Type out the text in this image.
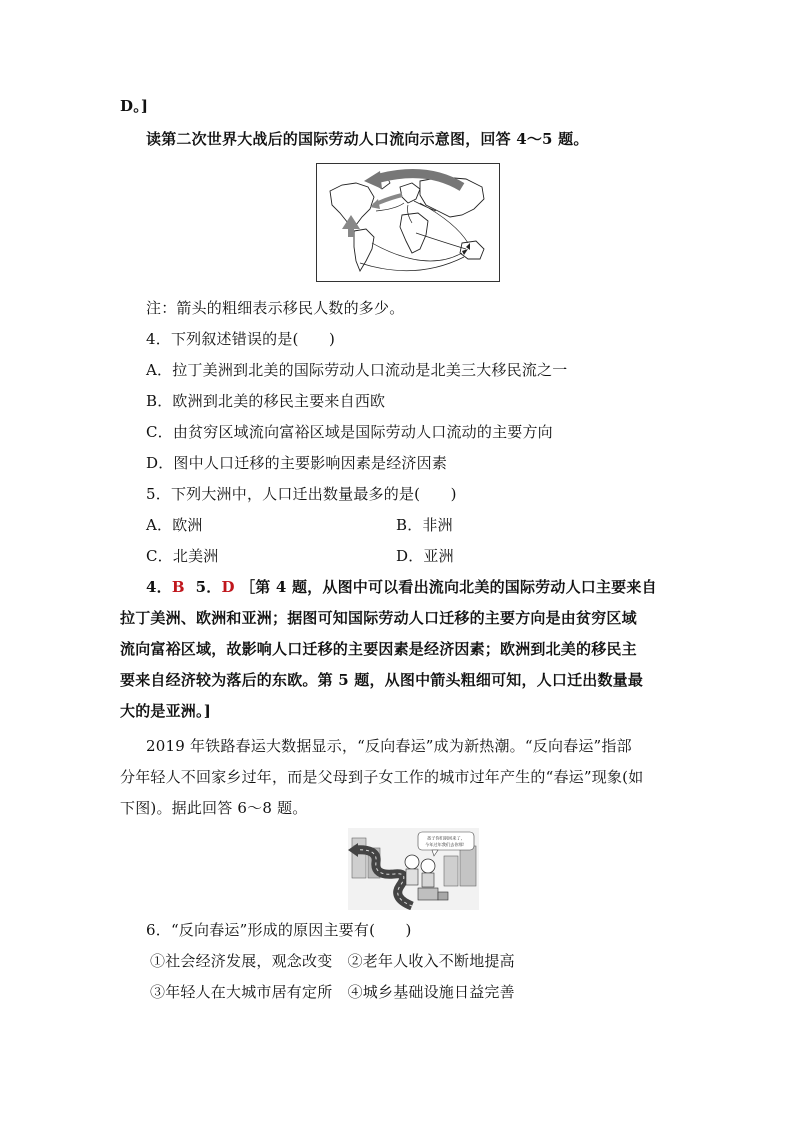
D。]
读第二次世界大战后的国际劳动人口流向示意图，回答 4～5 题。
注：箭头的粗细表示移民人数的多少。
4．下列叙述错误的是(　　)
A．拉丁美洲到北美的国际劳动人口流动是北美三大移民流之一
B．欧洲到北美的移民主要来自西欧
C．由贫穷区域流向富裕区域是国际劳动人口流动的主要方向
D．图中人口迁移的主要影响因素是经济因素
5．下列大洲中，人口迁出数量最多的是(　　)
A．欧洲	B．非洲
C．北美洲	D．亚洲
4．B 5．D ［第 4 题，从图中可以看出流向北美的国际劳动人口主要来自
拉丁美洲、欧洲和亚洲；据图可知国际劳动人口迁移的主要方向是由贫穷区域
流向富裕区域，故影响人口迁移的主要因素是经济因素；欧洲到北美的移民主
要来自经济较为落后的东欧。第 5 题，从图中箭头粗细可知，人口迁出数量最
大的是亚洲。]
2019 年铁路春运大数据显示，“反向春运”成为新热潮。“反向春运”指部
分年轻人不回家乡过年，而是父母到子女工作的城市过年产生的“春运”现象(如
下图)。据此回答 6～8 题。
孩子你们别回来了，
今年过年我们去你那！
6．“反向春运”形成的原因主要有(　　)
①社会经济发展，观念改变　②老年人收入不断地提高
③年轻人在大城市居有定所　④城乡基础设施日益完善
